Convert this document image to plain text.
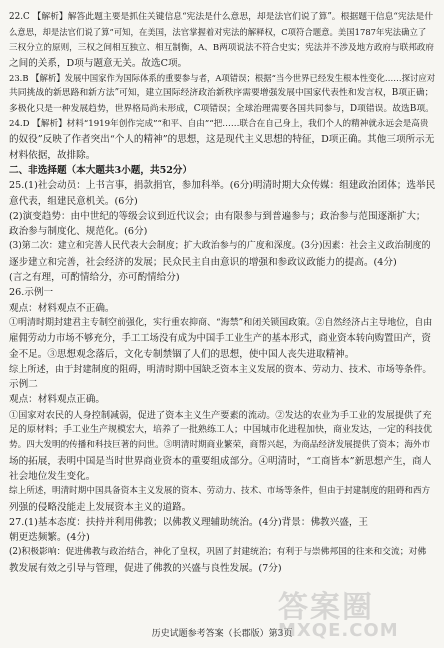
22.C 【解析】解答此题主要是抓住关键信息“宪法是什么意思，却是法官们说了算”。根据题干信息“宪法是什

么意思，却是法官们说了算”可知，在美国，法官掌握着对宪法的解释权，C项符合题意。美国1787年宪法确立了

三权分立的原则，三权之间相互独立、相互制衡，A、B两项说法不符合史实；宪法并不涉及地方政府与联邦政府

之间的关系，D项与题意无关。故选C项。

23.B 【解析】发展中国家作为国际体系的重要参与者，A项错误；根据“当今世界已经发生根本性变化……探讨应对

共同挑战的新思路和新方法”可知，建立国际经济政治新秩序需要增强发展中国家代表性和发言权，B项正确；

多极化只是一种发展趋势，世界格局尚未形成，C项错误；全球治理需要各国共同参与，D项错误。故选B项。

24.D 【解析】材料“1919年创作完成”“和平、自由”“把……联合在自己身上，我们个人的精神就永远会是高贵

的奴役”反映了作者突出“个人的精神”的思想，这是现代主义思想的特征，D项正确。其他三项所示无

材料依据，故排除。

二、非选择题（本大题共3小题，共52分）

25.(1)社会动员：上书言事，捐款捐官，参加科举。(6分)明清时期大众传媒：组建政治团体；选举民

意代表，组建民意机关。(6分)

(2)演变趋势：由中世纪的等级会议到近代议会；由有限参与到普遍参与；政治参与范围逐渐扩大；

政治参与制度化、规范化。(6分)

(3)第二次：建立和完善人民代表大会制度；扩大政治参与的广度和深度。(3分)因素：社会主义政治制度的

逐步建立和完善，社会经济的发展；民众民主自由意识的增强和参政议政能力的提高。(4分)

(言之有理，可酌情给分，亦可酌情给分)

26.示例一

观点：材料观点不正确。

①明清时期封建君主专制空前强化，实行重农抑商、“海禁”和闭关锁国政策。②自然经济占主导地位，自由

雇佣劳动力市场不够充分，手工工场没有成为中国手工业生产的基本形式，商业资本转向购置田产，资

金不足。③思想观念落后，文化专制禁锢了人们的思想，使中国人丧失进取精神。

综上所述，由于封建制度的阻碍，明清时期中国缺乏资本主义发展的资本、劳动力、技术、市场等条件。

示例二

观点：材料观点正确。

①国家对农民的人身控制减弱，促进了资本主义生产要素的流动。②发达的农业为手工业的发展提供了充

足的原材料；手工业生产规模宏大，培养了一批熟练工人；中国城市化进程加快，商业发达，一定的科技优

势。四大发明的传播和科技巨著的问世。③明清时期商业繁荣，商帮兴起，为商品经济发展提供了资本；海外市

场的拓展，表明中国是当时世界商业资本的重要组成部分。④明清时，“工商皆本”新思想产生，商人

社会地位发生变化。

综上所述，明清时期中国具备资本主义发展的资本、劳动力、技术、市场等条件，但由于封建制度的阻碍和西方

列强的侵略没能走上发展资本主义的道路。

27.(1)基本态度：扶持并利用佛教；以佛教义理辅助统治。(4分)背景：佛教兴盛，王

朝更迭频繁。(4分)

(2)积极影响：促进佛教与政治结合，神化了皇权，巩固了封建统治；有利于与崇佛邦国的往来和交流；对佛

教发展有效之引导与管理，促进了佛教的兴盛与良性发展。(7分)

历史试题参考答案（长郡版）第3页
答案圈
MXQE.COM
